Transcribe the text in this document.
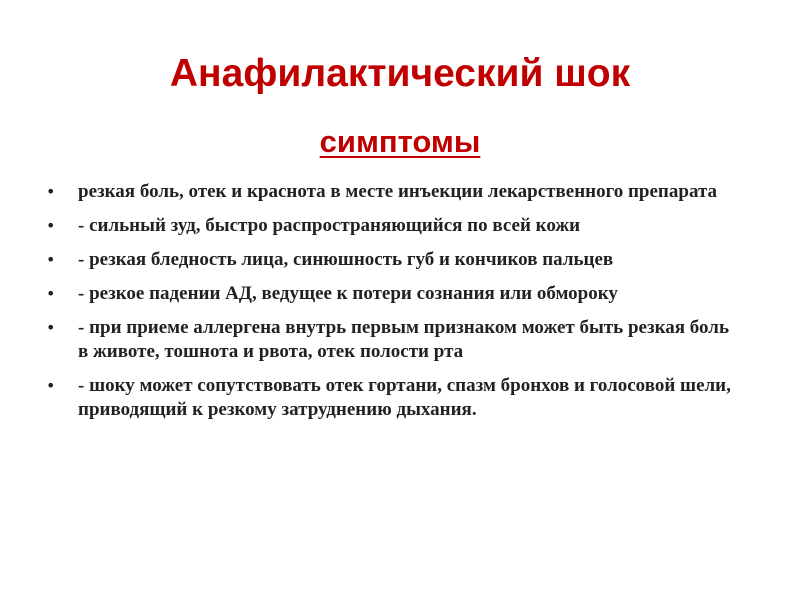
Анафилактический шок
симптомы
• резкая боль, отек и краснота в месте инъекции лекарственного препарата
• - сильный зуд, быстро распространяющийся по всей кожи
• - резкая бледность лица, синюшность губ и кончиков пальцев
• - резкое падении АД, ведущее к потери сознания или обмороку
• - при приеме аллергена внутрь первым признаком может быть резкая боль в животе, тошнота и рвота, отек полости рта
• - шоку может сопутствовать отек гортани, спазм бронхов и голосовой шели, приводящий к резкому затруднению дыхания.
